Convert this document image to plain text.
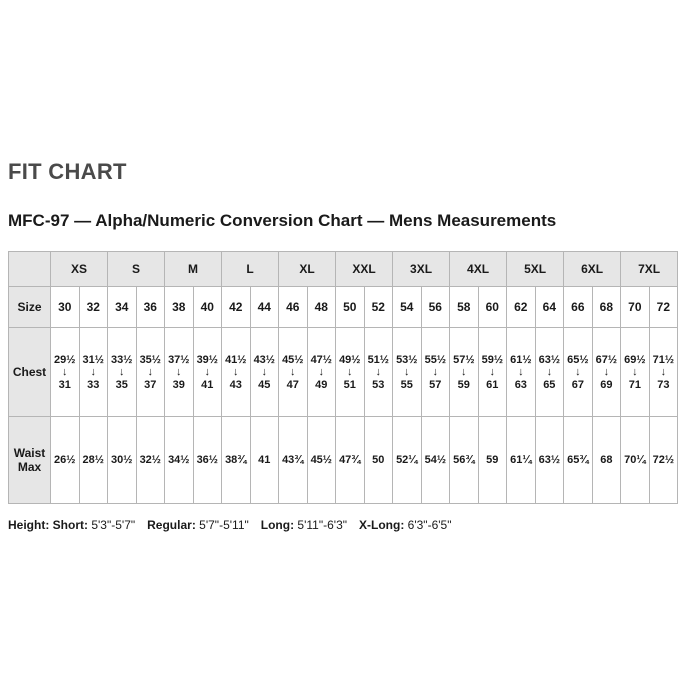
FIT CHART
MFC-97 — Alpha/Numeric Conversion Chart — Mens Measurements
	XS		S		M		L		XL		XXL		3XL		4XL		5XL		6XL		7XL	
Size	30	32	34	36	38	40	42	44	46	48	50	52	54	56	58	60	62	64	66	68	70	72
Chest	29½
↓
31	31½
↓
33	33½
↓
35	35½
↓
37	37½
↓
39	39½
↓
41	41½
↓
43	43½
↓
45	45½
↓
47	47½
↓
49	49½
↓
51	51½
↓
53	53½
↓
55	55½
↓
57	57½
↓
59	59½
↓
61	61½
↓
63	63½
↓
65	65½
↓
67	67½
↓
69	69½
↓
71	71½
↓
73

Waist
Max	26½	28½	30½	32½	34½	36½	38¾	41	43¾	45½	47¾	50	52¼	54½	56¾	59	61¼	63½	65¾	68	70¼	72½
Height: Short: 5'3"-5'7" Regular: 5'7"-5'11" Long: 5'11"-6'3" X-Long: 6'3"-6'5"
